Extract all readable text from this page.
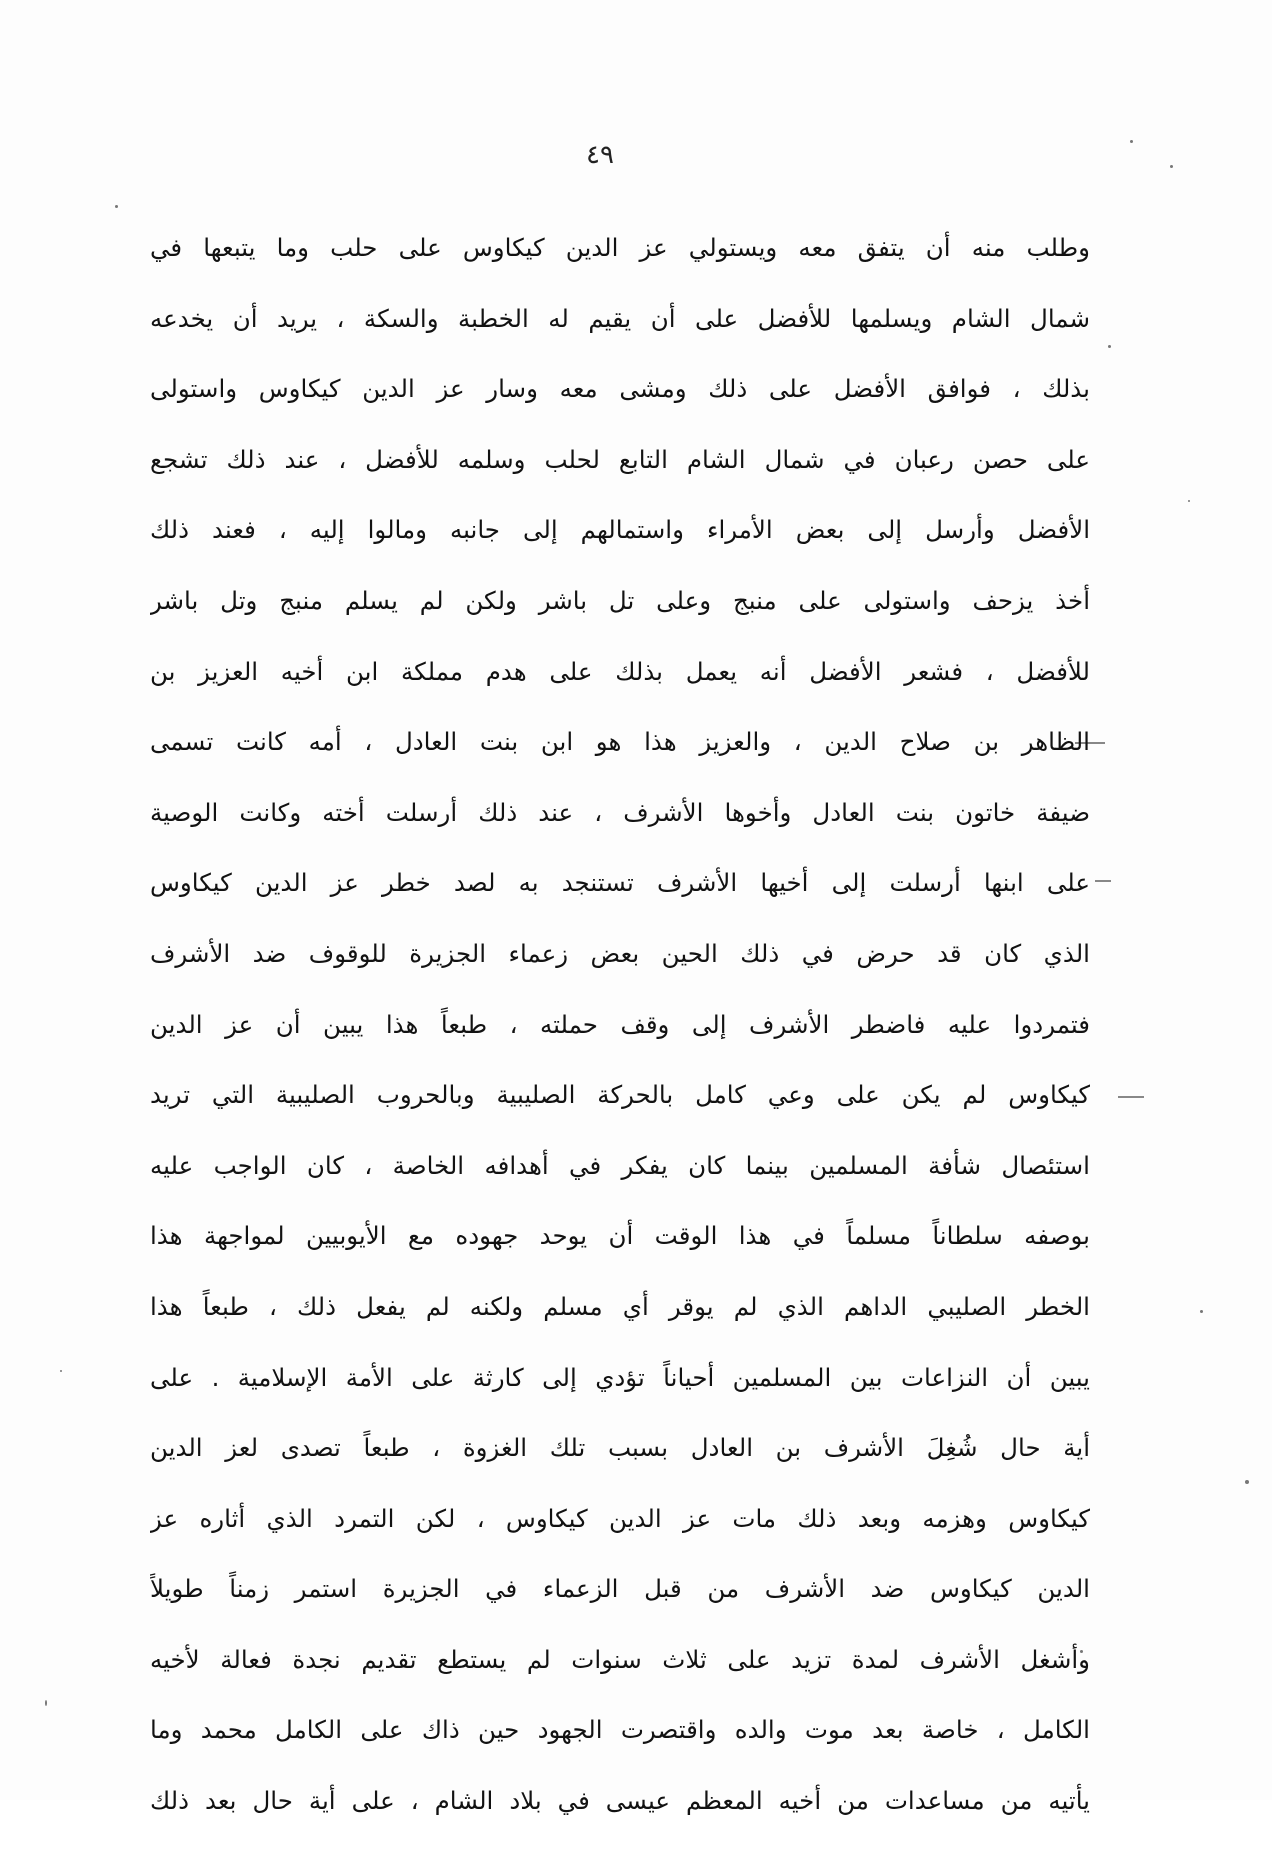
٤٩
وطلب منه أن يتفق معه ويستولي عز الدين كيكاوس على حلب وما يتبعها في
شمال الشام ويسلمها للأفضل على أن يقيم له الخطبة والسكة ، يريد أن يخدعه
بذلك ، فوافق الأفضل على ذلك ومشى معه وسار عز الدين كيكاوس واستولى
على حصن رعبان في شمال الشام التابع لحلب وسلمه للأفضل ، عند ذلك تشجع
الأفضل وأرسل إلى بعض الأمراء واستمالهم إلى جانبه ومالوا إليه ، فعند ذلك
أخذ يزحف واستولى على منبج وعلى تل باشر ولكن لم يسلم منبج وتل باشر
للأفضل ، فشعر الأفضل أنه يعمل بذلك على هدم مملكة ابن أخيه العزيز بن
الظاهر بن صلاح الدين ، والعزيز هذا هو ابن بنت العادل ، أمه كانت تسمى
ضيفة خاتون بنت العادل وأخوها الأشرف ، عند ذلك أرسلت أخته وكانت الوصية
على ابنها أرسلت إلى أخيها الأشرف تستنجد به لصد خطر عز الدين كيكاوس
الذي كان قد حرض في ذلك الحين بعض زعماء الجزيرة للوقوف ضد الأشرف
فتمردوا عليه فاضطر الأشرف إلى وقف حملته ، طبعاً هذا يبين أن عز الدين
كيكاوس لم يكن على وعي كامل بالحركة الصليبية وبالحروب الصليبية التي تريد
استئصال شأفة المسلمين بينما كان يفكر في أهدافه الخاصة ، كان الواجب عليه
بوصفه سلطاناً مسلماً في هذا الوقت أن يوحد جهوده مع الأيوبيين لمواجهة هذا
الخطر الصليبي الداهم الذي لم يوقر أي مسلم ولكنه لم يفعل ذلك ، طبعاً هذا
يبين أن النزاعات بين المسلمين أحياناً تؤدي إلى كارثة على الأمة الإسلامية . على
أية حال شُغِلَ الأشرف بن العادل بسبب تلك الغزوة ، طبعاً تصدى لعز الدين
كيكاوس وهزمه وبعد ذلك مات عز الدين كيكاوس ، لكن التمرد الذي أثاره عز
الدين كيكاوس ضد الأشرف من قبل الزعماء في الجزيرة استمر زمناً طويلاً
وأشغل الأشرف لمدة تزيد على ثلاث سنوات لم يستطع تقديم نجدة فعالة لأخيه
الكامل ، خاصة بعد موت والده واقتصرت الجهود حين ذاك على الكامل محمد وما
يأتيه من مساعدات من أخيه المعظم عيسى في بلاد الشام ، على أية حال بعد ذلك
